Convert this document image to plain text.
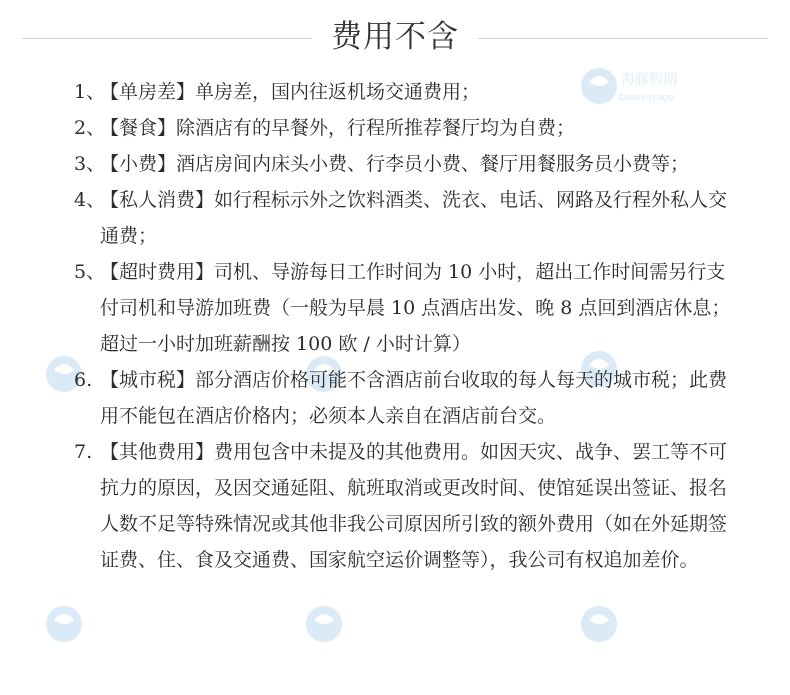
海豚假期
Dearvoyage
费用不含
1、
【单房差】单房差，国内往返机场交通费用；
2、
【餐食】除酒店有的早餐外，行程所推荐餐厅均为自费；
3、
【小费】酒店房间内床头小费、行李员小费、餐厅用餐服务员小费等；
4、
【私人消费】如行程标示外之饮料酒类、洗衣、电话、网路及行程外私人交通费；
5、
【超时费用】司机、导游每日工作时间为 10 小时，超出工作时间需另行支付司机和导游加班费（一般为早晨 10 点酒店出发、晚 8 点回到酒店休息；超过一小时加班薪酬按 100 欧 / 小时计算）
6. 【城市税】部分酒店价格可能不含酒店前台收取的每人每天的城市税；此费用不能包在酒店价格内；必须本人亲自在酒店前台交。
7. 【其他费用】费用包含中未提及的其他费用。如因天灾、战争、罢工等不可抗力的原因，及因交通延阻、航班取消或更改时间、使馆延误出签证、报名人数不足等特殊情况或其他非我公司原因所引致的额外费用（如在外延期签证费、住、食及交通费、国家航空运价调整等），我公司有权追加差价。
